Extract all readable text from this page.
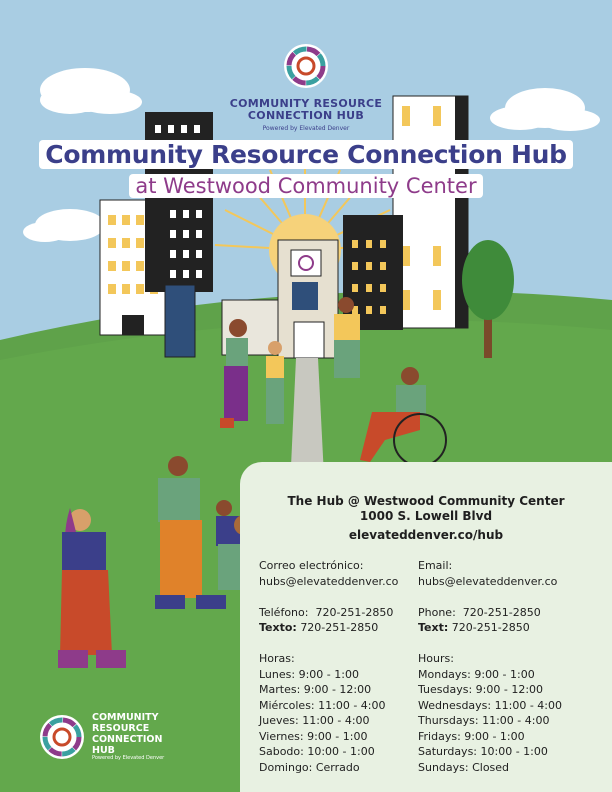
COMMUNITY RESOURCE
CONNECTION HUB
Powered by Elevated Denver
Community Resource Connection Hub
at Westwood Community Center
The Hub @ Westwood Community Center
1000 S. Lowell Blvd
elevateddenver.co/hub
Correo electrónico:
hubs@elevateddenver.co
Teléfono: 720-251-2850
Texto: 720-251-2850
Horas:
Lunes: 9:00 - 1:00
Martes: 9:00 - 12:00
Miércoles: 11:00 - 4:00
Jueves: 11:00 - 4:00
Viernes: 9:00 - 1:00
Sabodo: 10:00 - 1:00
Domingo: Cerrado
Email:
hubs@elevateddenver.co
Phone: 720-251-2850
Text: 720-251-2850
Hours:
Mondays: 9:00 - 1:00
Tuesdays: 9:00 - 12:00
Wednesdays: 11:00 - 4:00
Thursdays: 11:00 - 4:00
Fridays: 9:00 - 1:00
Saturdays: 10:00 - 1:00
Sundays: Closed
COMMUNITY
RESOURCE
CONNECTION
HUB
Powered by Elevated Denver
